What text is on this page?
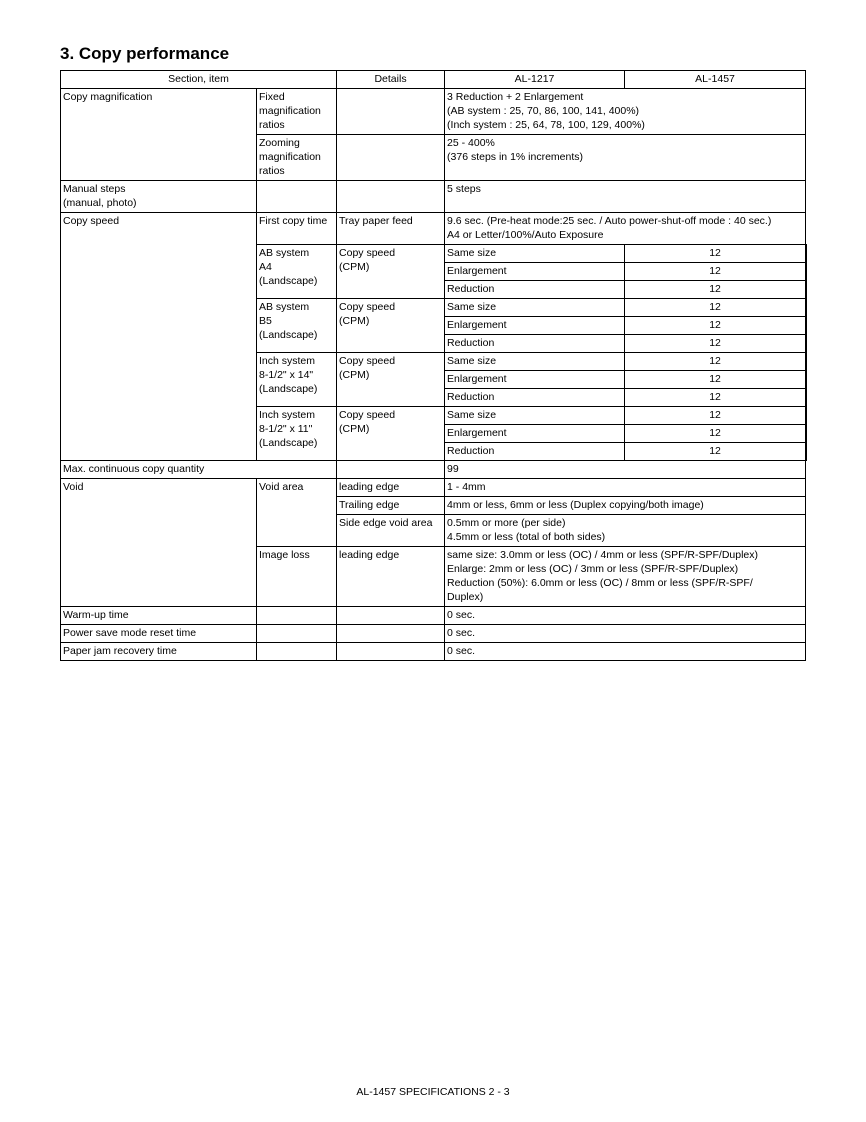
3. Copy performance
Section, item		Details	AL-1217	AL-1457	
Copy magnification	Fixed
magnification
ratios		3 Reduction + 2 Enlargement
(AB system : 25, 70, 86, 100, 141, 400%)
(Inch system : 25, 64, 78, 100, 129, 400%)		

	Zooming
magnification
ratios		25 - 400%
(376 steps in 1% increments)		

Manual steps
(manual, photo)			5 steps		
Copy speed	First copy time	Tray paper feed	9.6 sec. (Pre-heat mode:25 sec. / Auto power-shut-off mode : 40 sec.)
A4 or Letter/100%/Auto Exposure		

	AB system
A4
(Landscape)	Copy speed
(CPM)	Same size	12	
			Enlargement	12	
			Reduction	12	

	AB system
B5
(Landscape)	Copy speed
(CPM)	Same size	12	
			Enlargement	12	
			Reduction	12	

	Inch system
8-1/2" x 14"
(Landscape)	Copy speed
(CPM)	Same size	12	
			Enlargement	12	
			Reduction	12	

	Inch system
8-1/2" x 11"
(Landscape)	Copy speed
(CPM)	Same size	12	
			Enlargement	12	
			Reduction	12	
Max. continuous copy quantity			99		
Void	Void area	leading edge	1 - 4mm		
		Trailing edge	4mm or less, 6mm or less (Duplex copying/both image)		
		Side edge void area	0.5mm or more (per side)
4.5mm or less (total of both sides)		

	Image loss	leading edge	same size: 3.0mm or less (OC) / 4mm or less (SPF/R-SPF/Duplex)
Enlarge: 2mm or less (OC) / 3mm or less (SPF/R-SPF/Duplex)
Reduction (50%): 6.0mm or less (OC) / 8mm or less (SPF/R-SPF/
Duplex)		

Warm-up time			0 sec.		
Power save mode reset time			0 sec.		
Paper jam recovery time			0 sec.		
AL-1457 SPECIFICATIONS 2 - 3
